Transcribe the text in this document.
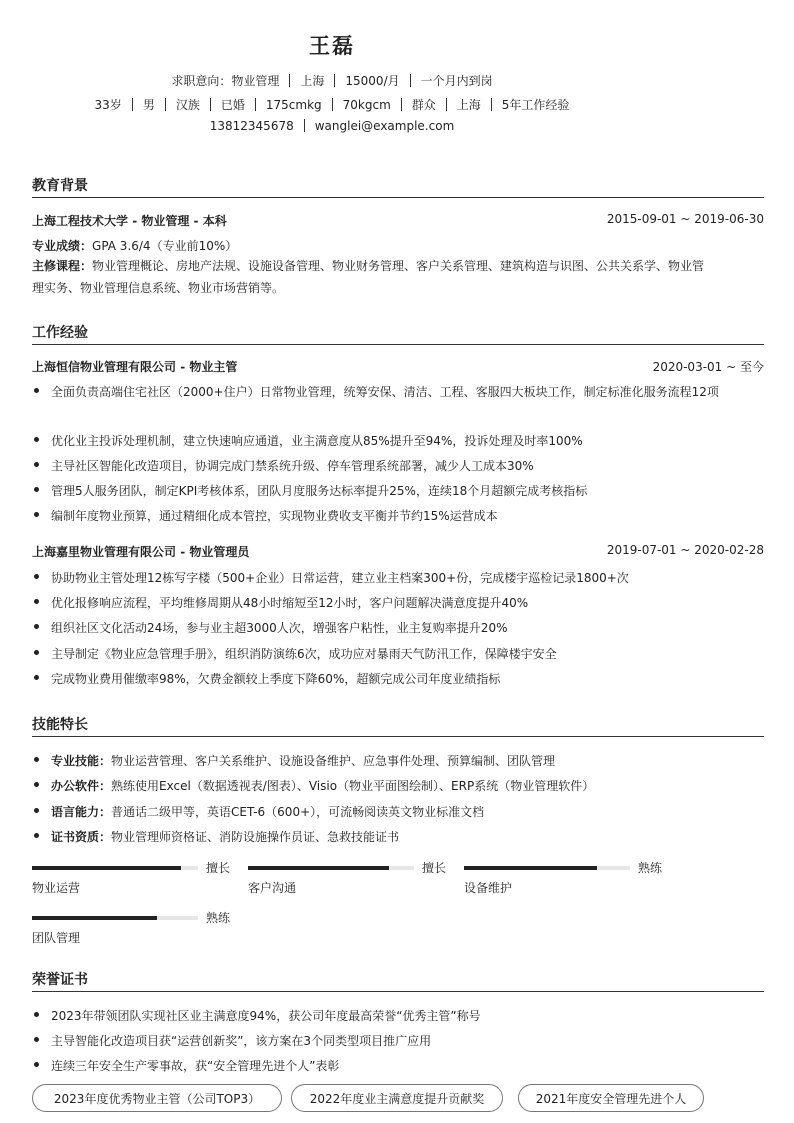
王磊
求职意向：物业管理 上海 15000/月 一个月内到岗
33岁 男 汉族 已婚 175cmkg 70kgcm 群众 上海 5年工作经验
13812345678 wanglei@example.com
教育背景
上海工程技术大学 - 物业管理 - 本科	2015-09-01 ~ 2019-06-30
专业成绩：GPA 3.6/4（专业前10%）
主修课程：物业管理概论、房地产法规、设施设备管理、物业财务管理、客户关系管理、建筑构造与识图、公共关系学、物业管
理实务、物业管理信息系统、物业市场营销等。
工作经验
上海恒信物业管理有限公司 - 物业主管	2020-03-01 ~ 至今
全面负责高端住宅社区（2000+住户）日常物业管理，统筹安保、清洁、工程、客服四大板块工作，制定标准化服务流程12项
优化业主投诉处理机制，建立快速响应通道，业主满意度从85%提升至94%，投诉处理及时率100%
主导社区智能化改造项目，协调完成门禁系统升级、停车管理系统部署，减少人工成本30%
管理5人服务团队，制定KPI考核体系，团队月度服务达标率提升25%，连续18个月超额完成考核指标
编制年度物业预算，通过精细化成本管控，实现物业费收支平衡并节约15%运营成本
上海嘉里物业管理有限公司 - 物业管理员	2019-07-01 ~ 2020-02-28
协助物业主管处理12栋写字楼（500+企业）日常运营，建立业主档案300+份，完成楼宇巡检记录1800+次
优化报修响应流程，平均维修周期从48小时缩短至12小时，客户问题解决满意度提升40%
组织社区文化活动24场，参与业主超3000人次，增强客户粘性，业主复购率提升20%
主导制定《物业应急管理手册》，组织消防演练6次，成功应对暴雨天气防汛工作，保障楼宇安全
完成物业费用催缴率98%，欠费金额较上季度下降60%，超额完成公司年度业绩指标
技能特长
专业技能：物业运营管理、客户关系维护、设施设备维护、应急事件处理、预算编制、团队管理
办公软件：熟练使用Excel（数据透视表/图表）、Visio（物业平面图绘制）、ERP系统（物业管理软件）
语言能力：普通话二级甲等，英语CET-6（600+），可流畅阅读英文物业标准文档
证书资质：物业管理师资格证、消防设施操作员证、急救技能证书
擅长
物业运营
擅长
客户沟通
熟练
设备维护
熟练
团队管理
荣誉证书
2023年带领团队实现社区业主满意度94%，获公司年度最高荣誉“优秀主管”称号
主导智能化改造项目获“运营创新奖”，该方案在3个同类型项目推广应用
连续三年安全生产零事故，获“安全管理先进个人”表彰
2023年度优秀物业主管（公司TOP3）	2022年度业主满意度提升贡献奖	2021年度安全管理先进个人
